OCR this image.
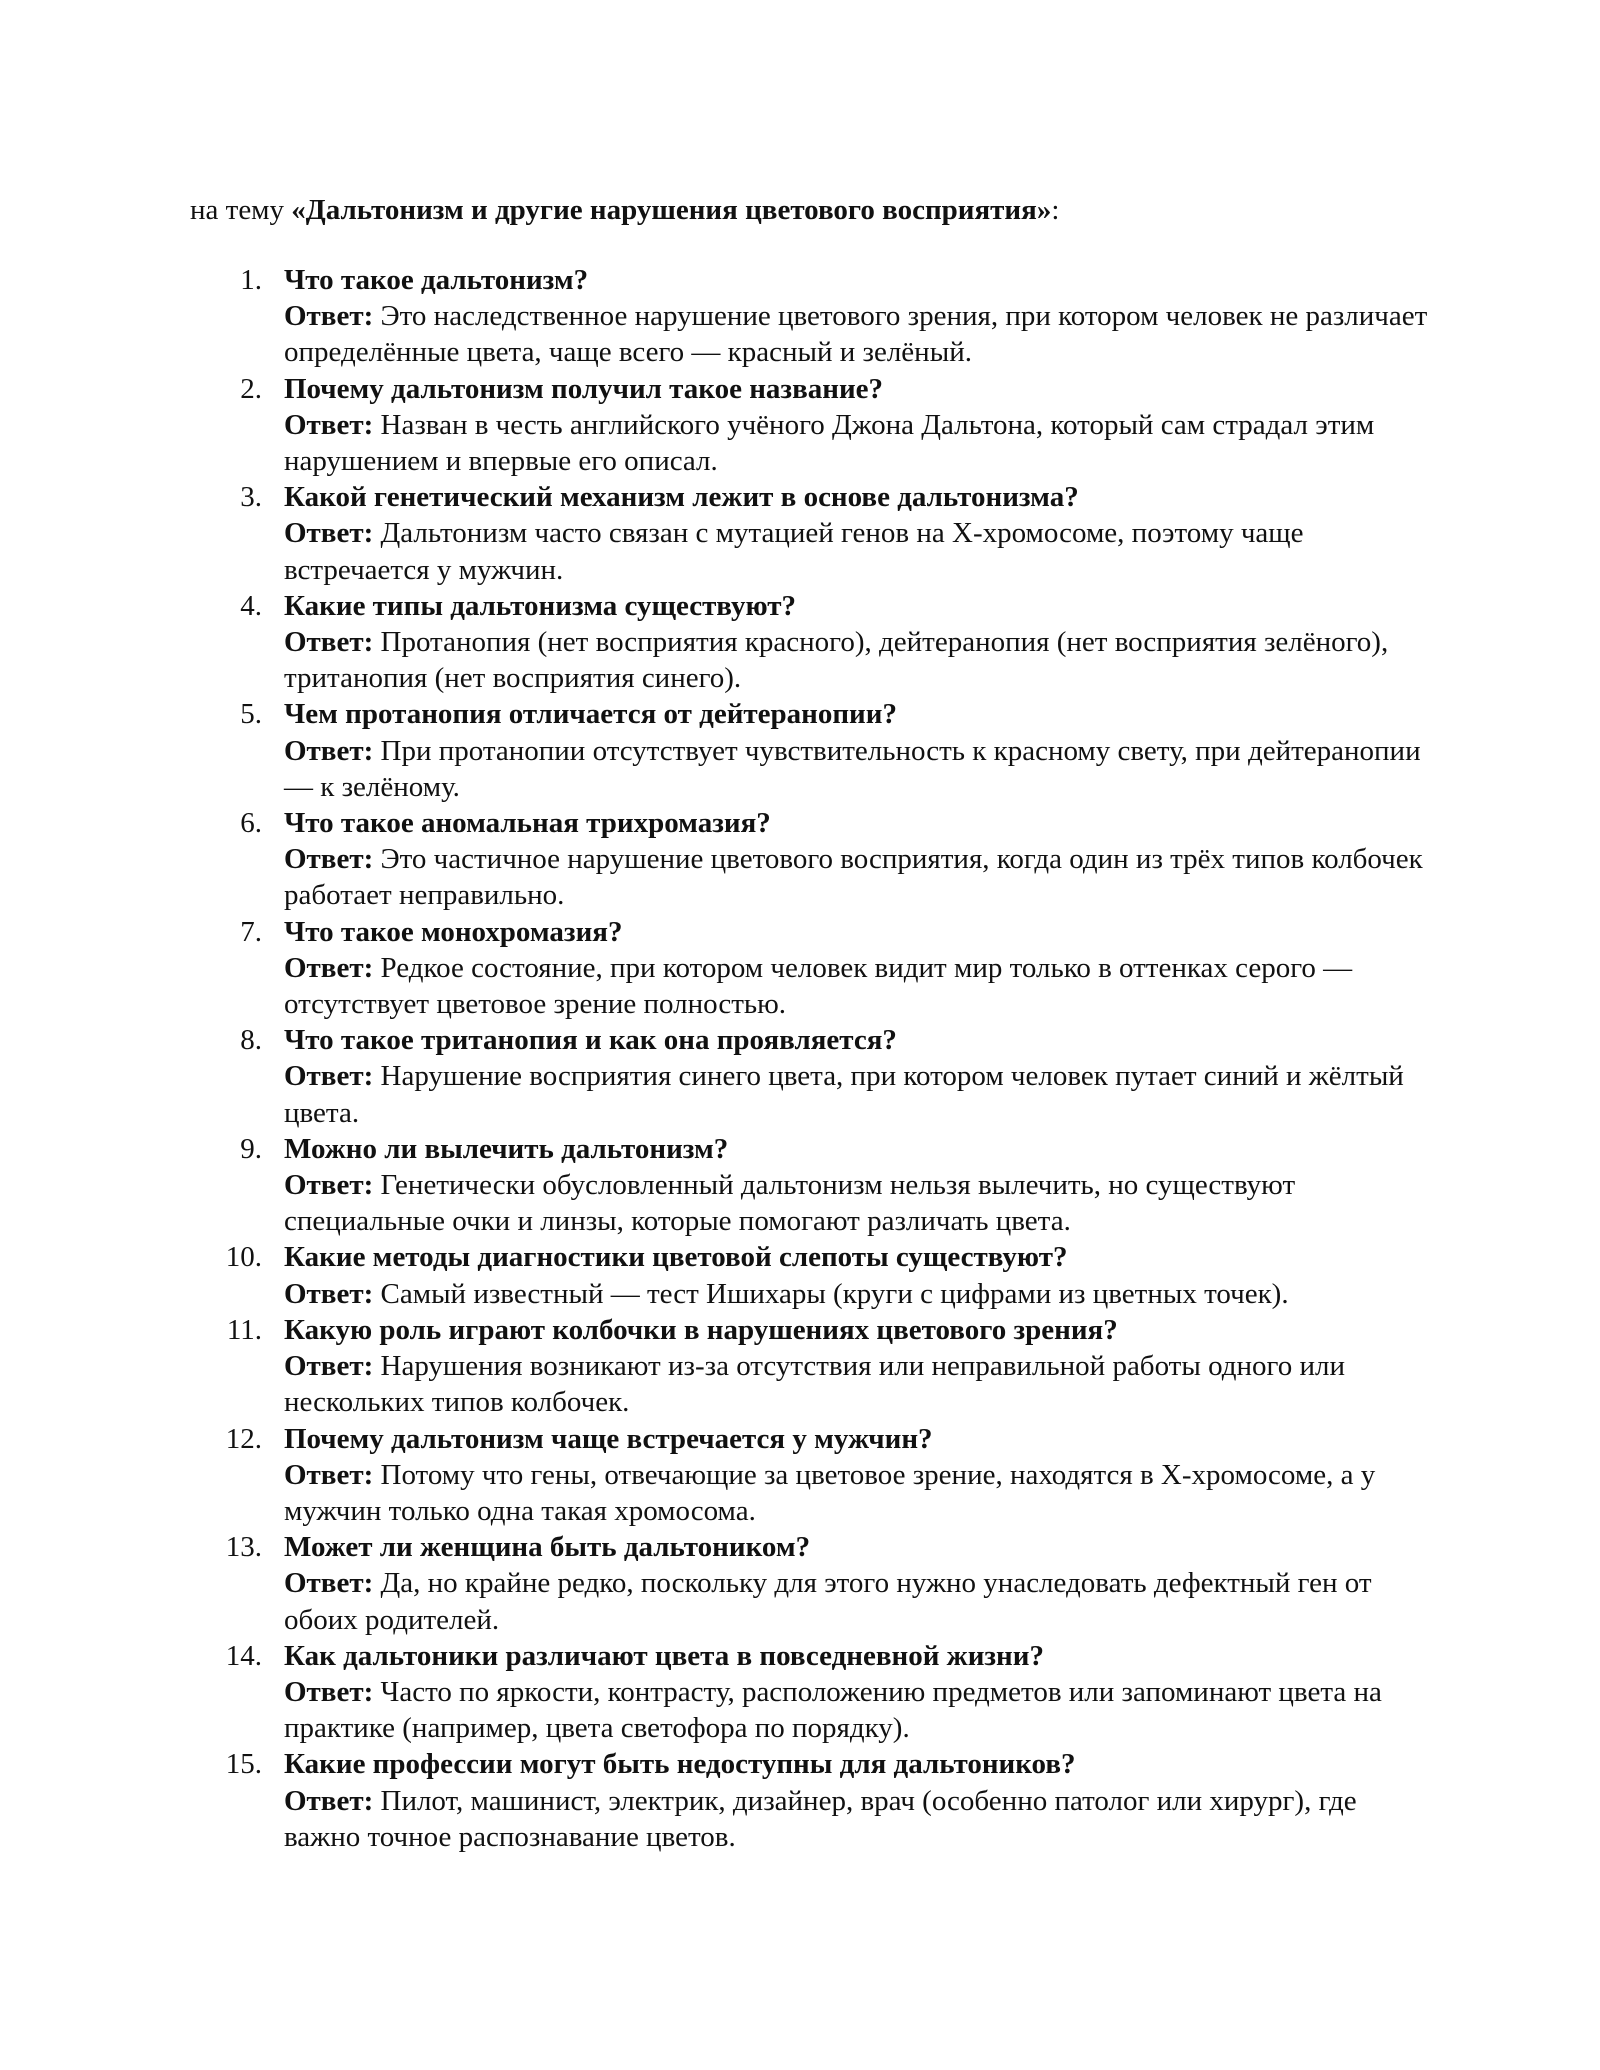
на тему «Дальтонизм и другие нарушения цветового восприятия»:
1. Что такое дальтонизм?
Ответ: Это наследственное нарушение цветового зрения, при котором человек не различает определённые цвета, чаще всего — красный и зелёный.
2. Почему дальтонизм получил такое название?
Ответ: Назван в честь английского учёного Джона Дальтона, который сам страдал этим нарушением и впервые его описал.
3. Какой генетический механизм лежит в основе дальтонизма?
Ответ: Дальтонизм часто связан с мутацией генов на X-хромосоме, поэтому чаще встречается у мужчин.
4. Какие типы дальтонизма существуют?
Ответ: Протанопия (нет восприятия красного), дейтеранопия (нет восприятия зелёного), тританопия (нет восприятия синего).
5. Чем протанопия отличается от дейтеранопии?
Ответ: При протанопии отсутствует чувствительность к красному свету, при дейтеранопии — к зелёному.
6. Что такое аномальная трихромазия?
Ответ: Это частичное нарушение цветового восприятия, когда один из трёх типов колбочек работает неправильно.
7. Что такое монохромазия?
Ответ: Редкое состояние, при котором человек видит мир только в оттенках серого — отсутствует цветовое зрение полностью.
8. Что такое тританопия и как она проявляется?
Ответ: Нарушение восприятия синего цвета, при котором человек путает синий и жёлтый цвета.
9. Можно ли вылечить дальтонизм?
Ответ: Генетически обусловленный дальтонизм нельзя вылечить, но существуют специальные очки и линзы, которые помогают различать цвета.
10. Какие методы диагностики цветовой слепоты существуют?
Ответ: Самый известный — тест Ишихары (круги с цифрами из цветных точек).
11. Какую роль играют колбочки в нарушениях цветового зрения?
Ответ: Нарушения возникают из-за отсутствия или неправильной работы одного или нескольких типов колбочек.
12. Почему дальтонизм чаще встречается у мужчин?
Ответ: Потому что гены, отвечающие за цветовое зрение, находятся в X-хромосоме, а у мужчин только одна такая хромосома.
13. Может ли женщина быть дальтоником?
Ответ: Да, но крайне редко, поскольку для этого нужно унаследовать дефектный ген от обоих родителей.
14. Как дальтоники различают цвета в повседневной жизни?
Ответ: Часто по яркости, контрасту, расположению предметов или запоминают цвета на практике (например, цвета светофора по порядку).
15. Какие профессии могут быть недоступны для дальтоников?
Ответ: Пилот, машинист, электрик, дизайнер, врач (особенно патолог или хирург), где важно точное распознавание цветов.
